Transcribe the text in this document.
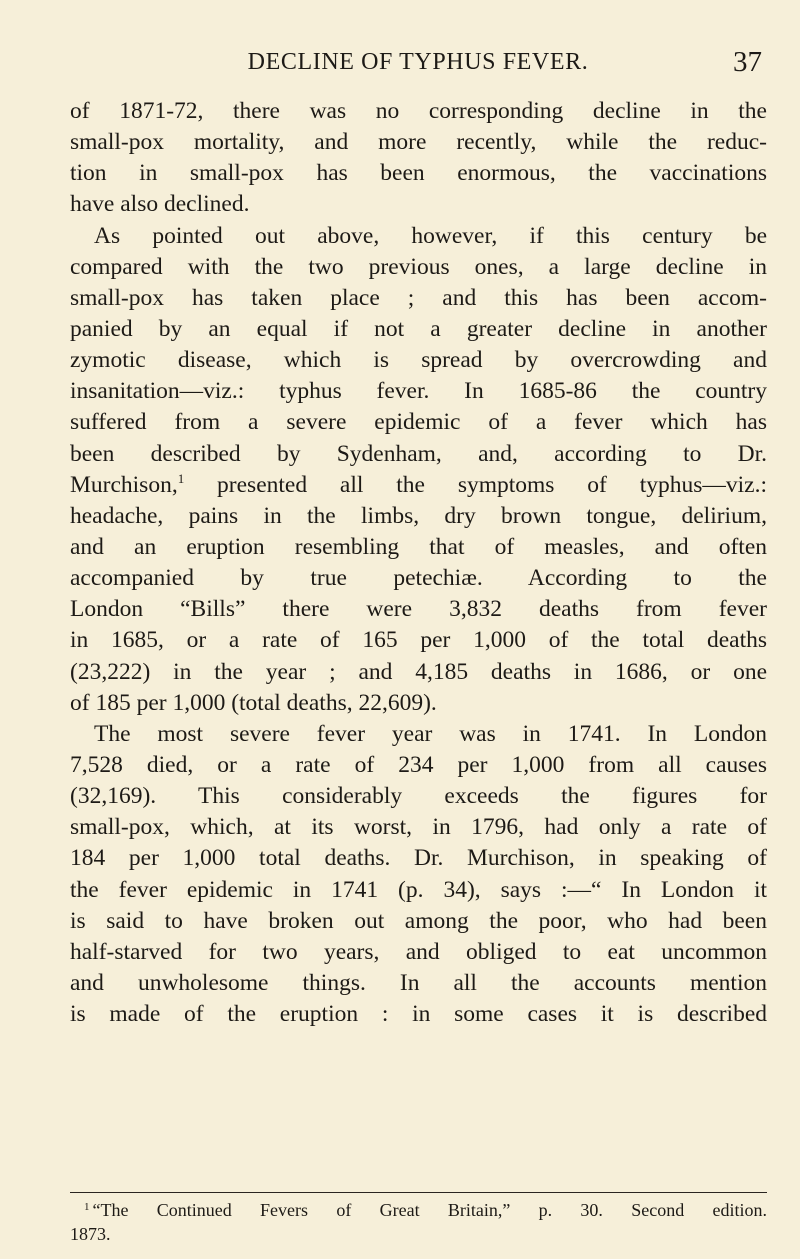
DECLINE OF TYPHUS FEVER.	37
of 1871-72, there was no corresponding decline in the
small-pox mortality, and more recently, while the reduc-
tion in small-pox has been enormous, the vaccinations
have also declined.
As pointed out above, however, if this century be
compared with the two previous ones, a large decline in
small-pox has taken place ; and this has been accom-
panied by an equal if not a greater decline in another
zymotic disease, which is spread by overcrowding and
insanitation—viz.: typhus fever. In 1685-86 the country
suffered from a severe epidemic of a fever which has
been described by Sydenham, and, according to Dr.
Murchison,$^1$ presented all the symptoms of typhus—viz.:
headache, pains in the limbs, dry brown tongue, delirium,
and an eruption resembling that of measles, and often
accompanied by true petechiæ. According to the
London “Bills” there were 3,832 deaths from fever
in 1685, or a rate of 165 per 1,000 of the total deaths
(23,222) in the year ; and 4,185 deaths in 1686, or one
of 185 per 1,000 (total deaths, 22,609).
The most severe fever year was in 1741. In London
7,528 died, or a rate of 234 per 1,000 from all causes
(32,169). This considerably exceeds the figures for
small-pox, which, at its worst, in 1796, had only a rate of
184 per 1,000 total deaths. Dr. Murchison, in speaking of
the fever epidemic in 1741 (p. 34), says :—“ In London it
is said to have broken out among the poor, who had been
half-starved for two years, and obliged to eat uncommon
and unwholesome things. In all the accounts mention
is made of the eruption : in some cases it is described
$^1$ “The Continued Fevers of Great Britain,” p. 30. Second edition.
1873.
